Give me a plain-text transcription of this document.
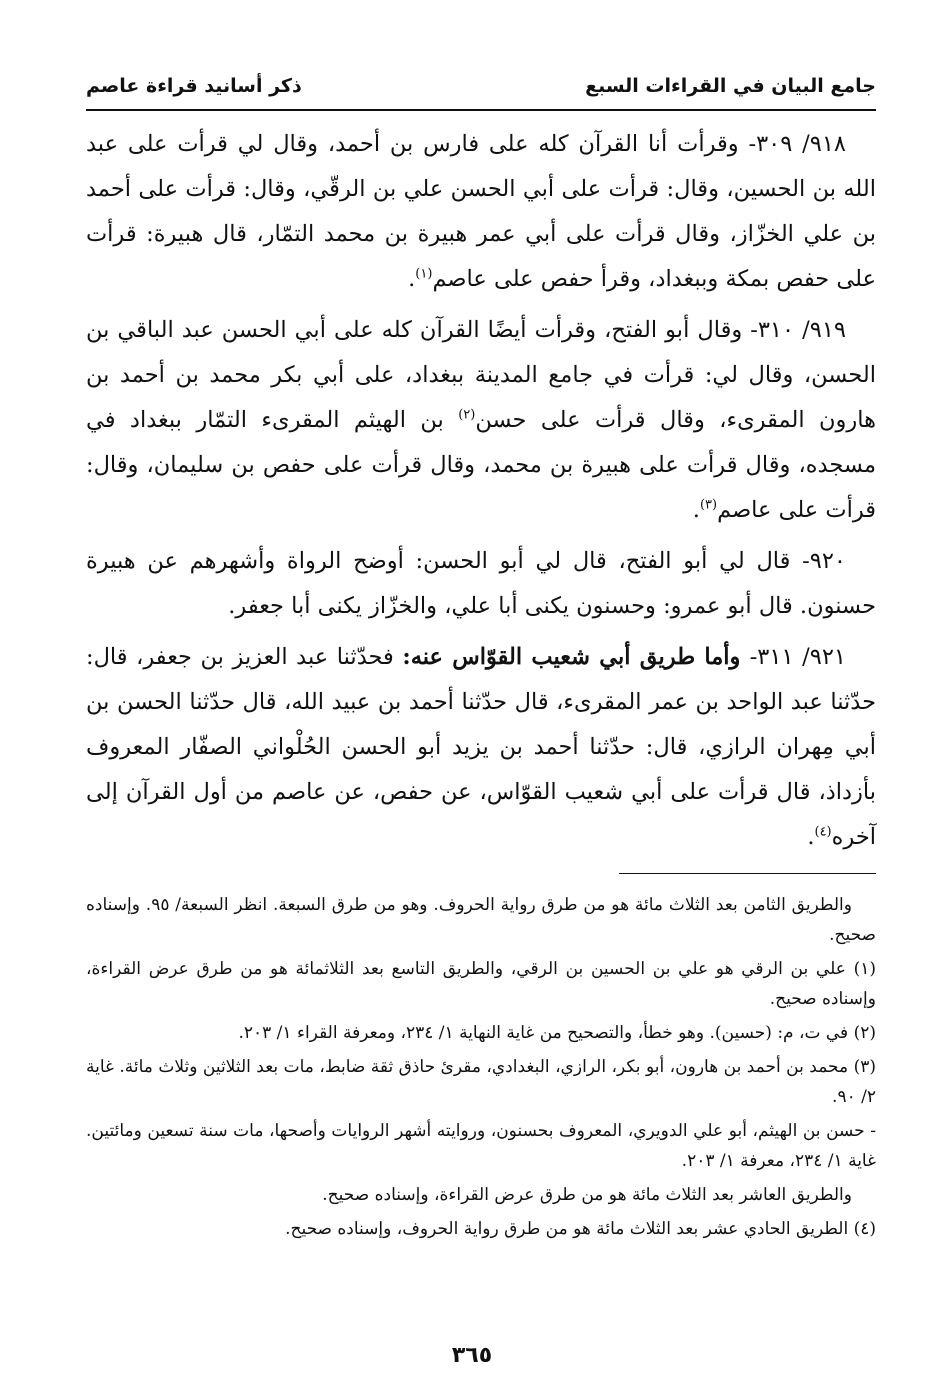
جامع البيان في القراءات السبع
ذكر أسانيد قراءة عاصم

٩١٨/ ٣٠٩- وقرأت أنا القرآن كله على فارس بن أحمد، وقال لي قرأت على عبد الله بن الحسين، وقال: قرأت على أبي الحسن علي بن الرقّي، وقال: قرأت على أحمد بن علي الخزّاز، وقال قرأت على أبي عمر هبيرة بن محمد التمّار، قال هبيرة: قرأت على حفص بمكة وببغداد، وقرأ حفص على عاصم$^{(١)}$.

٩١٩/ ٣١٠- وقال أبو الفتح، وقرأت أيضًا القرآن كله على أبي الحسن عبد الباقي بن الحسن، وقال لي: قرأت في جامع المدينة ببغداد، على أبي بكر محمد بن أحمد بن هارون المقرىء، وقال قرأت على حسن$^{(٢)}$ بن الهيثم المقرىء التمّار ببغداد في مسجده، وقال قرأت على هبيرة بن محمد، وقال قرأت على حفص بن سليمان، وقال: قرأت على عاصم$^{(٣)}$.

٩٢٠- قال لي أبو الفتح، قال لي أبو الحسن: أوضح الرواة وأشهرهم عن هبيرة حسنون. قال أبو عمرو: وحسنون يكنى أبا علي، والخزّاز يكنى أبا جعفر.

٩٢١/ ٣١١- وأما طريق أبي شعيب القوّاس عنه: فحدّثنا عبد العزيز بن جعفر، قال: حدّثنا عبد الواحد بن عمر المقرىء، قال حدّثنا أحمد بن عبيد الله، قال حدّثنا الحسن بن أبي مِهران الرازي، قال: حدّثنا أحمد بن يزيد أبو الحسن الحُلْواني الصفّار المعروف بأزداذ، قال قرأت على أبي شعيب القوّاس، عن حفص، عن عاصم من أول القرآن إلى آخره$^{(٤)}$.

والطريق الثامن بعد الثلاث مائة هو من طرق رواية الحروف. وهو من طرق السبعة. انظر السبعة/ ٩٥. وإسناده صحيح.

(١) علي بن الرقي هو علي بن الحسين بن الرقي، والطريق التاسع بعد الثلاثمائة هو من طرق عرض القراءة، وإسناده صحيح.

(٢) في ت، م: (حسين). وهو خطأ، والتصحيح من غاية النهاية ١/ ٢٣٤، ومعرفة القراء ١/ ٢٠٣.

(٣) محمد بن أحمد بن هارون، أبو بكر، الرازي، البغدادي، مقرئ حاذق ثقة ضابط، مات بعد الثلاثين وثلاث مائة. غاية ٢/ ٩٠.

- حسن بن الهيثم، أبو علي الدويري، المعروف بحسنون، وروايته أشهر الروايات وأصحها، مات سنة تسعين ومائتين. غاية ١/ ٢٣٤، معرفة ١/ ٢٠٣.

والطريق العاشر بعد الثلاث مائة هو من طرق عرض القراءة، وإسناده صحيح.

(٤) الطريق الحادي عشر بعد الثلاث مائة هو من طرق رواية الحروف، وإسناده صحيح.

٣٦٥
